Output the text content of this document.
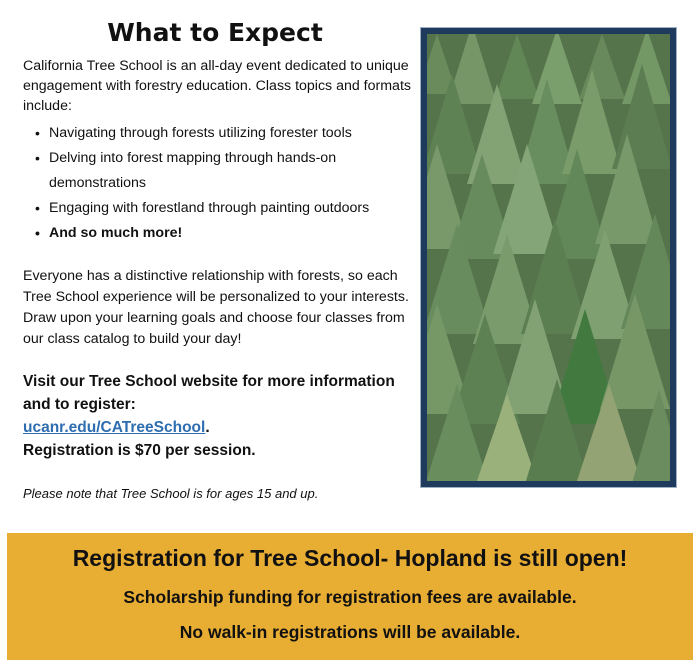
What to Expect
California Tree School is an all-day event dedicated to unique engagement with forestry education. Class topics and formats include:
• Navigating through forests utilizing forester tools
• Delving into forest mapping through hands-on demonstrations
• Engaging with forestland through painting outdoors
• And so much more!
Everyone has a distinctive relationship with forests, so each Tree School experience will be personalized to your interests. Draw upon your learning goals and choose four classes from our class catalog to build your day!
Visit our Tree School website for more information and to register:
ucanr.edu/CATreeSchool.
Registration is $70 per session.
Please note that Tree School is for ages 15 and up.
Registration for Tree School- Hopland is still open!
Scholarship funding for registration fees are available.
No walk-in registrations will be available.
